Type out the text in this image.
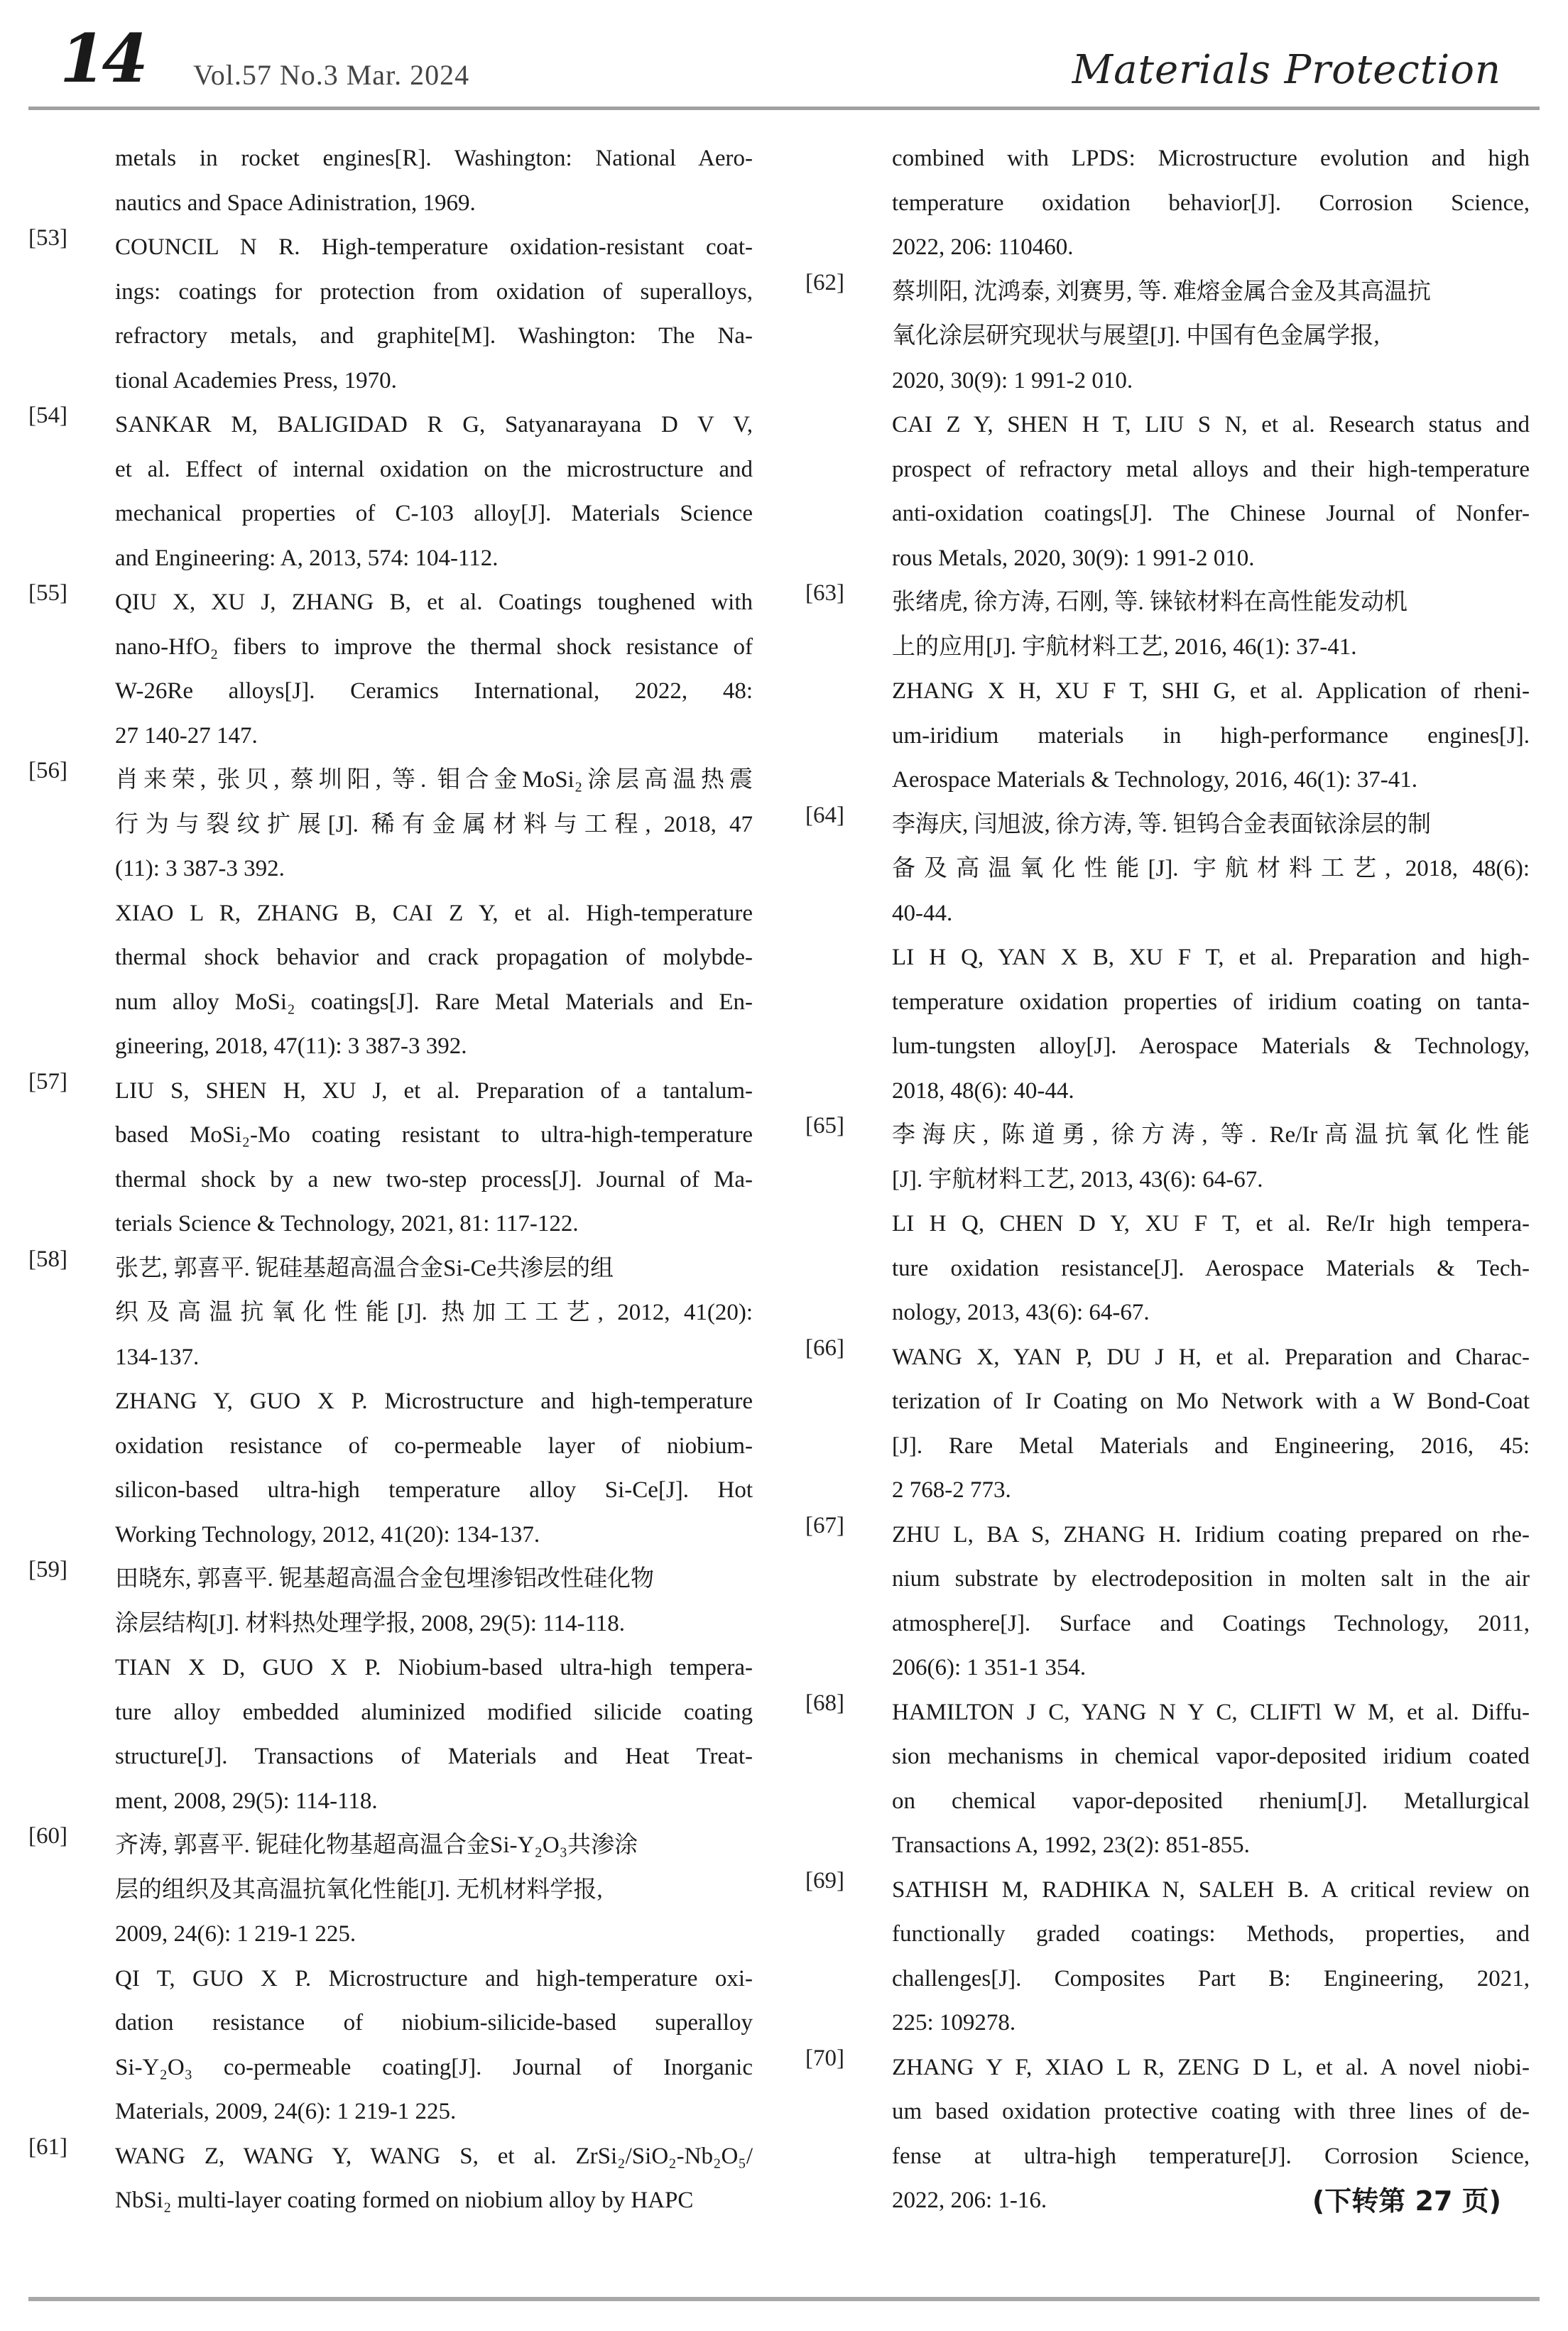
14 Vol.57 No.3 Mar. 2024	Materials Protection

metals in rocket engines[R]. Washington: National Aero-
nautics and Space Adinistration, 1969.

[53] COUNCIL N R. High-temperature oxidation-resistant coat-
ings: coatings for protection from oxidation of superalloys,
refractory metals, and graphite[M]. Washington: The Na-
tional Academies Press, 1970.

[54] SANKAR M, BALIGIDAD R G, Satyanarayana D V V,
et al. Effect of internal oxidation on the microstructure and
mechanical properties of C-103 alloy[J]. Materials Science
and Engineering: A, 2013, 574: 104-112.

[55] QIU X, XU J, ZHANG B, et al. Coatings toughened with
nano-HfO₂ fibers to improve the thermal shock resistance of
W-26Re alloys[J]. Ceramics International, 2022, 48:
27 140-27 147.

[56] 肖来荣, 张贝, 蔡圳阳, 等. 钼合金MoSi₂涂层高温热震
行为与裂纹扩展[J]. 稀有金属材料与工程, 2018, 47
(11): 3 387-3 392.
XIAO L R, ZHANG B, CAI Z Y, et al. High-temperature
thermal shock behavior and crack propagation of molybde-
num alloy MoSi₂ coatings[J]. Rare Metal Materials and En-
gineering, 2018, 47(11): 3 387-3 392.

[57] LIU S, SHEN H, XU J, et al. Preparation of a tantalum-
based MoSi₂-Mo coating resistant to ultra-high-temperature
thermal shock by a new two-step process[J]. Journal of Ma-
terials Science & Technology, 2021, 81: 117-122.

[58] 张艺, 郭喜平. 铌硅基超高温合金Si-Ce共渗层的组
织及高温抗氧化性能[J]. 热加工工艺, 2012, 41(20):
134-137.
ZHANG Y, GUO X P. Microstructure and high-temperature
oxidation resistance of co-permeable layer of niobium-
silicon-based ultra-high temperature alloy Si-Ce[J]. Hot
Working Technology, 2012, 41(20): 134-137.

[59] 田晓东, 郭喜平. 铌基超高温合金包埋渗铝改性硅化物
涂层结构[J]. 材料热处理学报, 2008, 29(5): 114-118.
TIAN X D, GUO X P. Niobium-based ultra-high tempera-
ture alloy embedded aluminized modified silicide coating
structure[J]. Transactions of Materials and Heat Treat-
ment, 2008, 29(5): 114-118.

[60] 齐涛, 郭喜平. 铌硅化物基超高温合金Si-Y₂O₃共渗涂
层的组织及其高温抗氧化性能[J]. 无机材料学报,
2009, 24(6): 1 219-1 225.
QI T, GUO X P. Microstructure and high-temperature oxi-
dation resistance of niobium-silicide-based superalloy
Si-Y₂O₃ co-permeable coating[J]. Journal of Inorganic
Materials, 2009, 24(6): 1 219-1 225.

[61] WANG Z, WANG Y, WANG S, et al. ZrSi₂/SiO₂-Nb₂O₅/
NbSi₂ multi-layer coating formed on niobium alloy by HAPC

combined with LPDS: Microstructure evolution and high
temperature oxidation behavior[J]. Corrosion Science,
2022, 206: 110460.

[62] 蔡圳阳, 沈鸿泰, 刘赛男, 等. 难熔金属合金及其高温抗
氧化涂层研究现状与展望[J]. 中国有色金属学报,
2020, 30(9): 1 991-2 010.
CAI Z Y, SHEN H T, LIU S N, et al. Research status and
prospect of refractory metal alloys and their high-temperature
anti-oxidation coatings[J]. The Chinese Journal of Nonfer-
rous Metals, 2020, 30(9): 1 991-2 010.

[63] 张绪虎, 徐方涛, 石刚, 等. 铼铱材料在高性能发动机
上的应用[J]. 宇航材料工艺, 2016, 46(1): 37-41.
ZHANG X H, XU F T, SHI G, et al. Application of rheni-
um-iridium materials in high-performance engines[J].
Aerospace Materials & Technology, 2016, 46(1): 37-41.

[64] 李海庆, 闫旭波, 徐方涛, 等. 钽钨合金表面铱涂层的制
备及高温氧化性能[J]. 宇航材料工艺, 2018, 48(6):
40-44.
LI H Q, YAN X B, XU F T, et al. Preparation and high-
temperature oxidation properties of iridium coating on tanta-
lum-tungsten alloy[J]. Aerospace Materials & Technology,
2018, 48(6): 40-44.

[65] 李海庆, 陈道勇, 徐方涛, 等. Re/Ir高温抗氧化性能
[J]. 宇航材料工艺, 2013, 43(6): 64-67.
LI H Q, CHEN D Y, XU F T, et al. Re/Ir high tempera-
ture oxidation resistance[J]. Aerospace Materials & Tech-
nology, 2013, 43(6): 64-67.

[66] WANG X, YAN P, DU J H, et al. Preparation and Charac-
terization of Ir Coating on Mo Network with a W Bond-Coat
[J]. Rare Metal Materials and Engineering, 2016, 45:
2 768-2 773.

[67] ZHU L, BA S, ZHANG H. Iridium coating prepared on rhe-
nium substrate by electrodeposition in molten salt in the air
atmosphere[J]. Surface and Coatings Technology, 2011,
206(6): 1 351-1 354.

[68] HAMILTON J C, YANG N Y C, CLIFTl W M, et al. Diffu-
sion mechanisms in chemical vapor-deposited iridium coated
on chemical vapor-deposited rhenium[J]. Metallurgical
Transactions A, 1992, 23(2): 851-855.

[69] SATHISH M, RADHIKA N, SALEH B. A critical review on
functionally graded coatings: Methods, properties, and
challenges[J]. Composites Part B: Engineering, 2021,
225: 109278.

[70] ZHANG Y F, XIAO L R, ZENG D L, et al. A novel niobi-
um based oxidation protective coating with three lines of de-
fense at ultra-high temperature[J]. Corrosion Science,
2022, 206: 1-16.	(下转第 27 页)
